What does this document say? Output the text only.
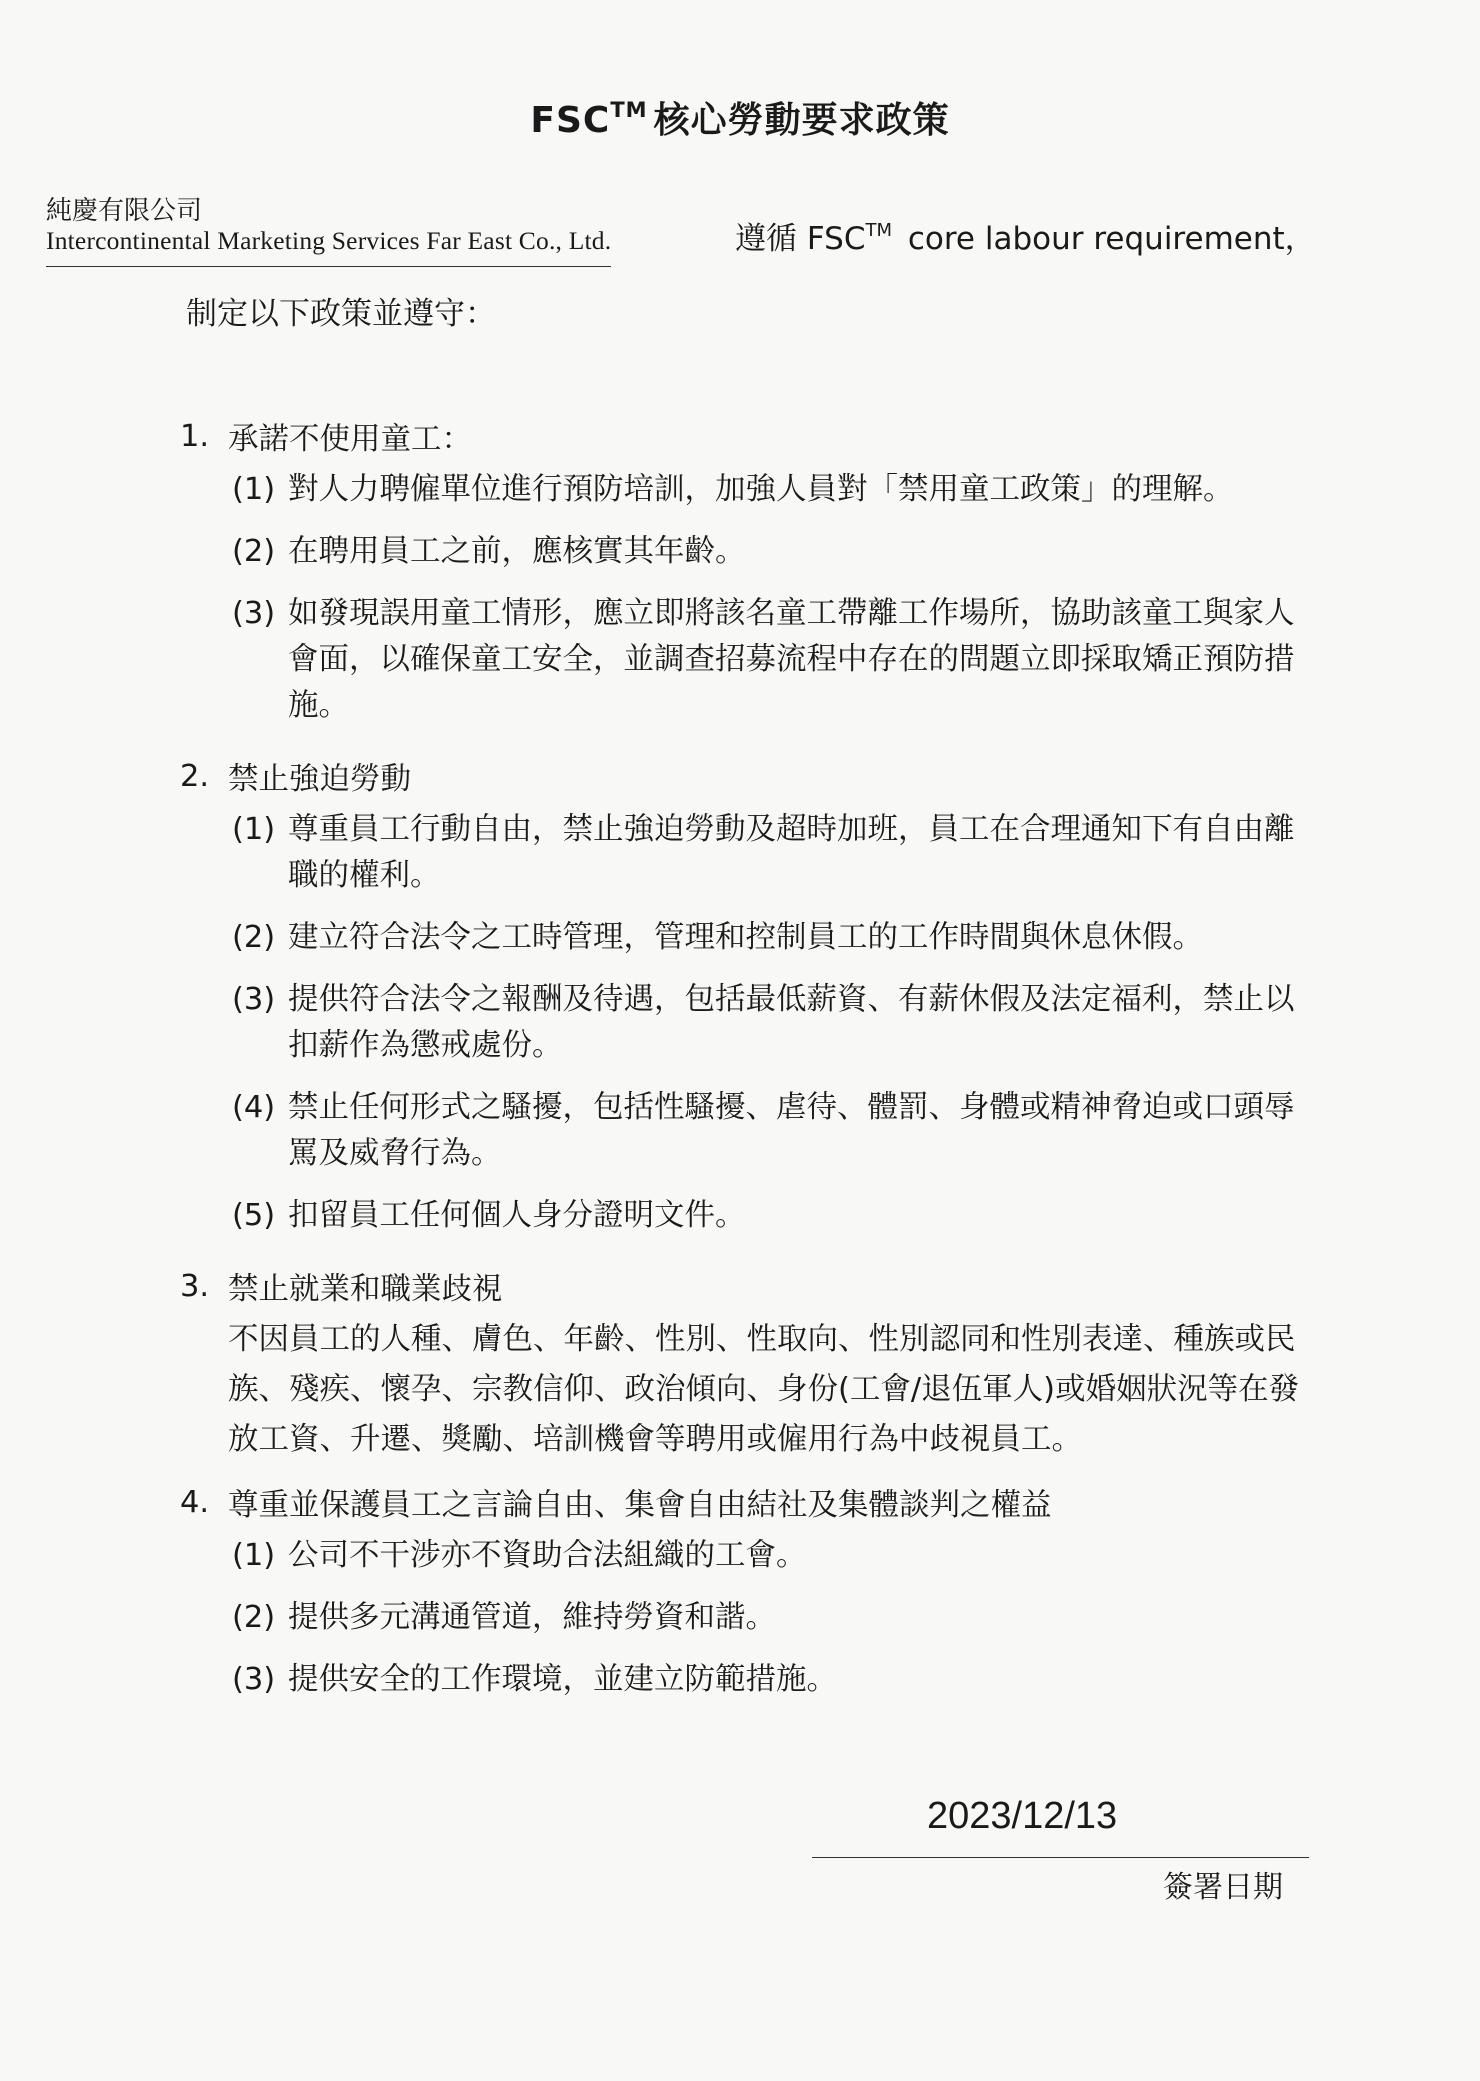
FSC™ 核心勞動要求政策
純慶有限公司
Intercontinental Marketing Services Far East Co., Ltd.	遵循 FSC™ core labour requirement，
制定以下政策並遵守：
1. 承諾不使用童工：
(1) 對人力聘僱單位進行預防培訓，加強人員對「禁用童工政策」的理解。
(2) 在聘用員工之前，應核實其年齡。
(3) 如發現誤用童工情形，應立即將該名童工帶離工作場所，協助該童工與家人會面，以確保童工安全，並調查招募流程中存在的問題立即採取矯正預防措施。
2. 禁止強迫勞動
(1) 尊重員工行動自由，禁止強迫勞動及超時加班，員工在合理通知下有自由離職的權利。
(2) 建立符合法令之工時管理，管理和控制員工的工作時間與休息休假。
(3) 提供符合法令之報酬及待遇，包括最低薪資、有薪休假及法定福利，禁止以扣薪作為懲戒處份。
(4) 禁止任何形式之騷擾，包括性騷擾、虐待、體罰、身體或精神脅迫或口頭辱罵及威脅行為。
(5) 扣留員工任何個人身分證明文件。
3. 禁止就業和職業歧視
不因員工的人種、膚色、年齡、性別、性取向、性別認同和性別表達、種族或民族、殘疾、懷孕、宗教信仰、政治傾向、身份(工會/退伍軍人)或婚姻狀況等在發放工資、升遷、獎勵、培訓機會等聘用或僱用行為中歧視員工。
4. 尊重並保護員工之言論自由、集會自由結社及集體談判之權益
(1) 公司不干涉亦不資助合法組織的工會。
(2) 提供多元溝通管道，維持勞資和諧。
(3) 提供安全的工作環境，並建立防範措施。
2023/12/13
簽署日期
